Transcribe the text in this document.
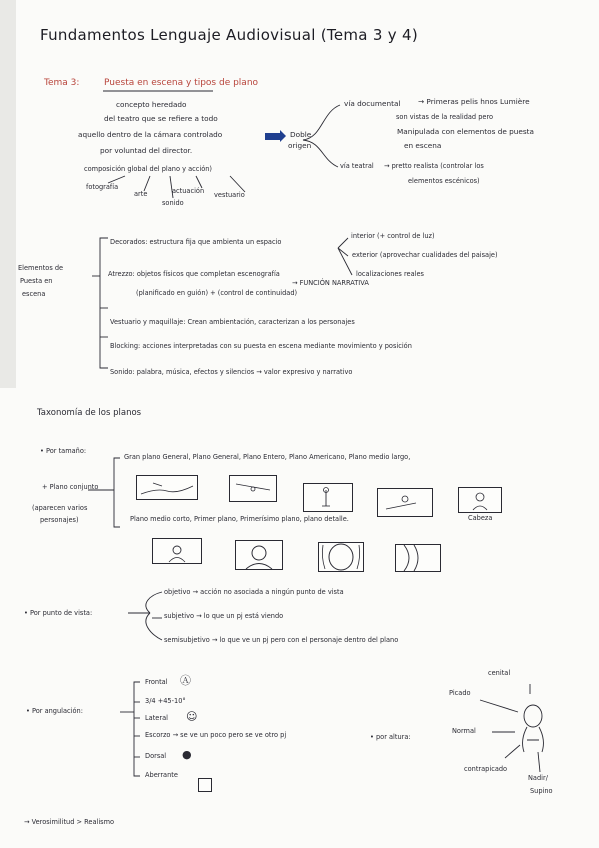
Fundamentos Lenguaje Audiovisual (Tema 3 y 4)
Tema 3:	Puesta en escena y tipos de plano
concepto heredado
del teatro que se refiere a todo
aquello dentro de la cámara controlado
por voluntad del director.
Doble
origen
vía documental → Primeras pelis hnos Lumière
son vistas de la realidad pero
Manipulada con elementos de puesta
en escena
vía teatral → pretto realista (controlar los
elementos escénicos)
composición global del plano y acción)
fotografía
arte	actuación vestuario
sonido
Elementos de
Puesta en
escena
Decorados: estructura fija que ambienta un espacio
interior (+ control de luz)
exterior (aprovechar cualidades del paisaje)
localizaciones reales
Atrezzo: objetos físicos que completan escenografía
→ FUNCIÓN NARRATIVA
(planificado en guión) + (control de continuidad)
Vestuario y maquillaje: Crean ambientación, caracterizan a los personajes
Blocking: acciones interpretadas con su puesta en escena mediante movimiento y posición
Sonido: palabra, música, efectos y silencios → valor expresivo y narrativo
Taxonomía de los planos
• Por tamaño:
Gran plano General, Plano General, Plano Entero, Plano Americano, Plano medio largo,
+ Plano conjunto
(aparecen varios
personajes)	Cabeza
Plano medio corto, Primer plano, Primerísimo plano, plano detalle.
• Por punto de vista:
objetivo → acción no asociada a ningún punto de vista
subjetivo → lo que un pj está viendo
semisubjetivo → lo que ve un pj pero con el personaje dentro del plano
• Por angulación:
Frontal Ⓐ
3/4 +45-10°
Lateral ☺
Escorzo → se ve un poco pero se ve otro pj
Dorsal ●
Aberrante
• por altura:
cenital
Picado
Normal
contrapicado
Nadir/
Supino
→ Verosimilitud > Realismo
